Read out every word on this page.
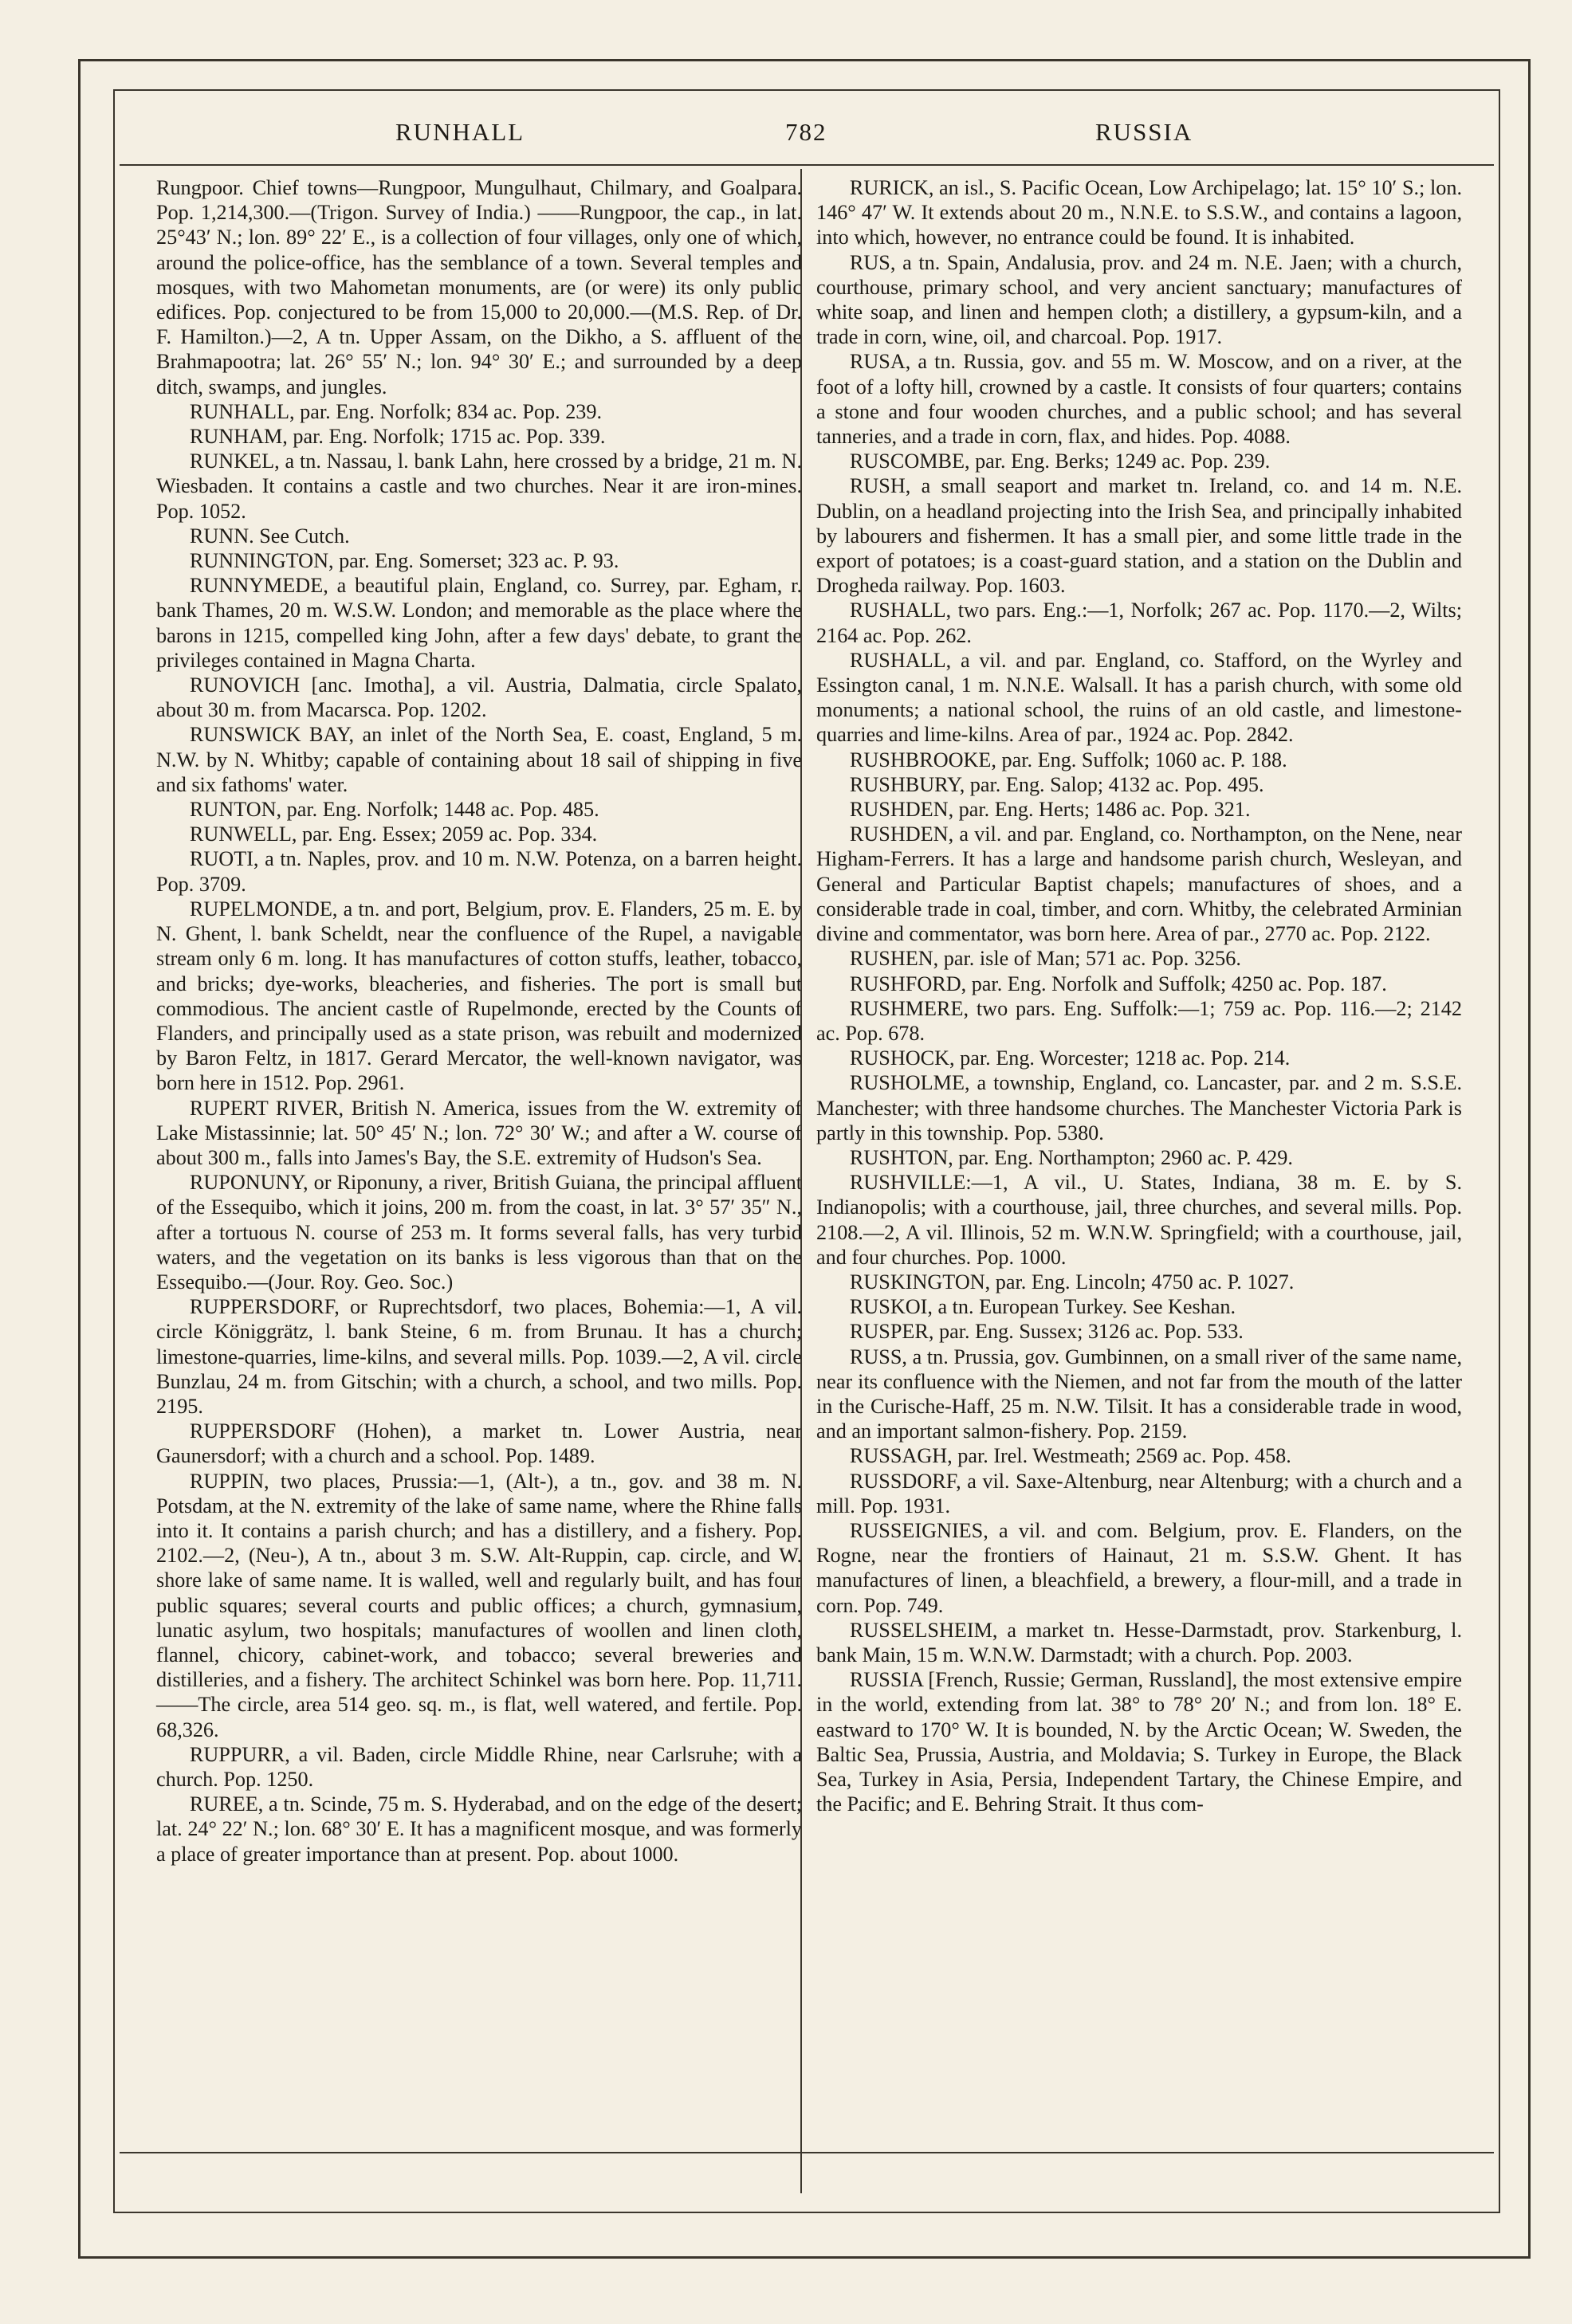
RUNHALL	782	RUSSIA

Rungpoor. Chief towns—Rungpoor, Mungulhaut, Chilmary, and Goalpara. Pop. 1,214,300.—(Trigon. Survey of India.) ——Rungpoor, the cap., in lat. 25°43′ N.; lon. 89° 22′ E., is a collection of four villages, only one of which, around the police-office, has the semblance of a town. Several temples and mosques, with two Mahometan monuments, are (or were) its only public edifices. Pop. conjectured to be from 15,000 to 20,000.—(M.S. Rep. of Dr. F. Hamilton.)—2, A tn. Upper Assam, on the Dikho, a S. affluent of the Brahmapootra; lat. 26° 55′ N.; lon. 94° 30′ E.; and surrounded by a deep ditch, swamps, and jungles.

RUNHALL, par. Eng. Norfolk; 834 ac. Pop. 239.

RUNHAM, par. Eng. Norfolk; 1715 ac. Pop. 339.

RUNKEL, a tn. Nassau, l. bank Lahn, here crossed by a bridge, 21 m. N. Wiesbaden. It contains a castle and two churches. Near it are iron-mines. Pop. 1052.

RUNN. See Cutch.

RUNNINGTON, par. Eng. Somerset; 323 ac. P. 93.

RUNNYMEDE, a beautiful plain, England, co. Surrey, par. Egham, r. bank Thames, 20 m. W.S.W. London; and memorable as the place where the barons in 1215, compelled king John, after a few days' debate, to grant the privileges contained in Magna Charta.

RUNOVICH [anc. Imotha], a vil. Austria, Dalmatia, circle Spalato, about 30 m. from Macarsca. Pop. 1202.

RUNSWICK BAY, an inlet of the North Sea, E. coast, England, 5 m. N.W. by N. Whitby; capable of containing about 18 sail of shipping in five and six fathoms' water.

RUNTON, par. Eng. Norfolk; 1448 ac. Pop. 485.

RUNWELL, par. Eng. Essex; 2059 ac. Pop. 334.

RUOTI, a tn. Naples, prov. and 10 m. N.W. Potenza, on a barren height. Pop. 3709.

RUPELMONDE, a tn. and port, Belgium, prov. E. Flanders, 25 m. E. by N. Ghent, l. bank Scheldt, near the confluence of the Rupel, a navigable stream only 6 m. long. It has manufactures of cotton stuffs, leather, tobacco, and bricks; dye-works, bleacheries, and fisheries. The port is small but commodious. The ancient castle of Rupelmonde, erected by the Counts of Flanders, and principally used as a state prison, was rebuilt and modernized by Baron Feltz, in 1817. Gerard Mercator, the well-known navigator, was born here in 1512. Pop. 2961.

RUPERT RIVER, British N. America, issues from the W. extremity of Lake Mistassinnie; lat. 50° 45′ N.; lon. 72° 30′ W.; and after a W. course of about 300 m., falls into James's Bay, the S.E. extremity of Hudson's Sea.

RUPONUNY, or Riponuny, a river, British Guiana, the principal affluent of the Essequibo, which it joins, 200 m. from the coast, in lat. 3° 57′ 35″ N., after a tortuous N. course of 253 m. It forms several falls, has very turbid waters, and the vegetation on its banks is less vigorous than that on the Essequibo.—(Jour. Roy. Geo. Soc.)

RUPPERSDORF, or Ruprechtsdorf, two places, Bohemia:—1, A vil. circle Königgrätz, l. bank Steine, 6 m. from Brunau. It has a church; limestone-quarries, lime-kilns, and several mills. Pop. 1039.—2, A vil. circle Bunzlau, 24 m. from Gitschin; with a church, a school, and two mills. Pop. 2195.

RUPPERSDORF (Hohen), a market tn. Lower Austria, near Gaunersdorf; with a church and a school. Pop. 1489.

RUPPIN, two places, Prussia:—1, (Alt-), a tn., gov. and 38 m. N. Potsdam, at the N. extremity of the lake of same name, where the Rhine falls into it. It contains a parish church; and has a distillery, and a fishery. Pop. 2102.—2, (Neu-), A tn., about 3 m. S.W. Alt-Ruppin, cap. circle, and W. shore lake of same name. It is walled, well and regularly built, and has four public squares; several courts and public offices; a church, gymnasium, lunatic asylum, two hospitals; manufactures of woollen and linen cloth, flannel, chicory, cabinet-work, and tobacco; several breweries and distilleries, and a fishery. The architect Schinkel was born here. Pop. 11,711.——The circle, area 514 geo. sq. m., is flat, well watered, and fertile. Pop. 68,326.

RUPPURR, a vil. Baden, circle Middle Rhine, near Carlsruhe; with a church. Pop. 1250.

RUREE, a tn. Scinde, 75 m. S. Hyderabad, and on the edge of the desert; lat. 24° 22′ N.; lon. 68° 30′ E. It has a magnificent mosque, and was formerly a place of greater importance than at present. Pop. about 1000.

RURICK, an isl., S. Pacific Ocean, Low Archipelago; lat. 15° 10′ S.; lon. 146° 47′ W. It extends about 20 m., N.N.E. to S.S.W., and contains a lagoon, into which, however, no entrance could be found. It is inhabited.

RUS, a tn. Spain, Andalusia, prov. and 24 m. N.E. Jaen; with a church, courthouse, primary school, and very ancient sanctuary; manufactures of white soap, and linen and hempen cloth; a distillery, a gypsum-kiln, and a trade in corn, wine, oil, and charcoal. Pop. 1917.

RUSA, a tn. Russia, gov. and 55 m. W. Moscow, and on a river, at the foot of a lofty hill, crowned by a castle. It consists of four quarters; contains a stone and four wooden churches, and a public school; and has several tanneries, and a trade in corn, flax, and hides. Pop. 4088.

RUSCOMBE, par. Eng. Berks; 1249 ac. Pop. 239.

RUSH, a small seaport and market tn. Ireland, co. and 14 m. N.E. Dublin, on a headland projecting into the Irish Sea, and principally inhabited by labourers and fishermen. It has a small pier, and some little trade in the export of potatoes; is a coast-guard station, and a station on the Dublin and Drogheda railway. Pop. 1603.

RUSHALL, two pars. Eng.:—1, Norfolk; 267 ac. Pop. 1170.—2, Wilts; 2164 ac. Pop. 262.

RUSHALL, a vil. and par. England, co. Stafford, on the Wyrley and Essington canal, 1 m. N.N.E. Walsall. It has a parish church, with some old monuments; a national school, the ruins of an old castle, and limestone-quarries and lime-kilns. Area of par., 1924 ac. Pop. 2842.

RUSHBROOKE, par. Eng. Suffolk; 1060 ac. P. 188.

RUSHBURY, par. Eng. Salop; 4132 ac. Pop. 495.

RUSHDEN, par. Eng. Herts; 1486 ac. Pop. 321.

RUSHDEN, a vil. and par. England, co. Northampton, on the Nene, near Higham-Ferrers. It has a large and handsome parish church, Wesleyan, and General and Particular Baptist chapels; manufactures of shoes, and a considerable trade in coal, timber, and corn. Whitby, the celebrated Arminian divine and commentator, was born here. Area of par., 2770 ac. Pop. 2122.

RUSHEN, par. isle of Man; 571 ac. Pop. 3256.

RUSHFORD, par. Eng. Norfolk and Suffolk; 4250 ac. Pop. 187.

RUSHMERE, two pars. Eng. Suffolk:—1; 759 ac. Pop. 116.—2; 2142 ac. Pop. 678.

RUSHOCK, par. Eng. Worcester; 1218 ac. Pop. 214.

RUSHOLME, a township, England, co. Lancaster, par. and 2 m. S.S.E. Manchester; with three handsome churches. The Manchester Victoria Park is partly in this township. Pop. 5380.

RUSHTON, par. Eng. Northampton; 2960 ac. P. 429.

RUSHVILLE:—1, A vil., U. States, Indiana, 38 m. E. by S. Indianopolis; with a courthouse, jail, three churches, and several mills. Pop. 2108.—2, A vil. Illinois, 52 m. W.N.W. Springfield; with a courthouse, jail, and four churches. Pop. 1000.

RUSKINGTON, par. Eng. Lincoln; 4750 ac. P. 1027.

RUSKOI, a tn. European Turkey. See Keshan.

RUSPER, par. Eng. Sussex; 3126 ac. Pop. 533.

RUSS, a tn. Prussia, gov. Gumbinnen, on a small river of the same name, near its confluence with the Niemen, and not far from the mouth of the latter in the Curische-Haff, 25 m. N.W. Tilsit. It has a considerable trade in wood, and an important salmon-fishery. Pop. 2159.

RUSSAGH, par. Irel. Westmeath; 2569 ac. Pop. 458.

RUSSDORF, a vil. Saxe-Altenburg, near Altenburg; with a church and a mill. Pop. 1931.

RUSSEIGNIES, a vil. and com. Belgium, prov. E. Flanders, on the Rogne, near the frontiers of Hainaut, 21 m. S.S.W. Ghent. It has manufactures of linen, a bleachfield, a brewery, a flour-mill, and a trade in corn. Pop. 749.

RUSSELSHEIM, a market tn. Hesse-Darmstadt, prov. Starkenburg, l. bank Main, 15 m. W.N.W. Darmstadt; with a church. Pop. 2003.

RUSSIA [French, Russie; German, Russland], the most extensive empire in the world, extending from lat. 38° to 78° 20′ N.; and from lon. 18° E. eastward to 170° W. It is bounded, N. by the Arctic Ocean; W. Sweden, the Baltic Sea, Prussia, Austria, and Moldavia; S. Turkey in Europe, the Black Sea, Turkey in Asia, Persia, Independent Tartary, the Chinese Empire, and the Pacific; and E. Behring Strait. It thus com-
